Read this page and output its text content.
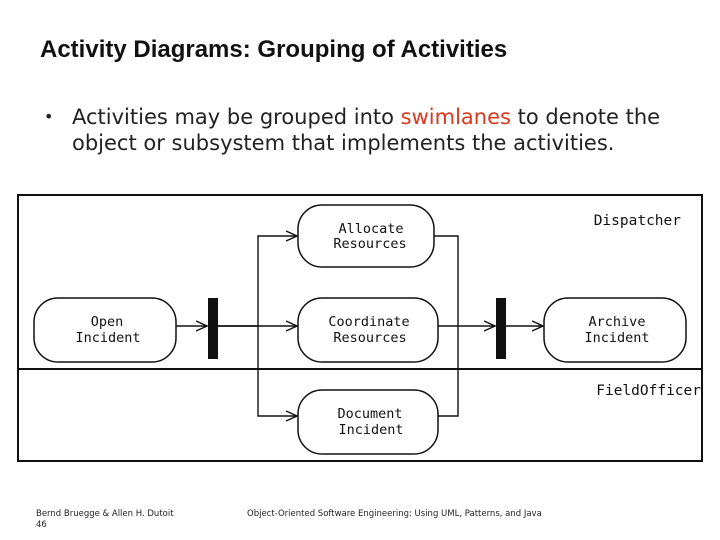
Activity Diagrams: Grouping of Activities
• Activities may be grouped into swimlanes to denote the object or subsystem that implements the activities.
Dispatcher
FieldOfficer
Allocate
Resources
Open
Incident
Coordinate
Resources
Archive
Incident
Document
Incident
Bernd Bruegge & Allen H. Dutoit
46
Object-Oriented Software Engineering: Using UML, Patterns, and Java
